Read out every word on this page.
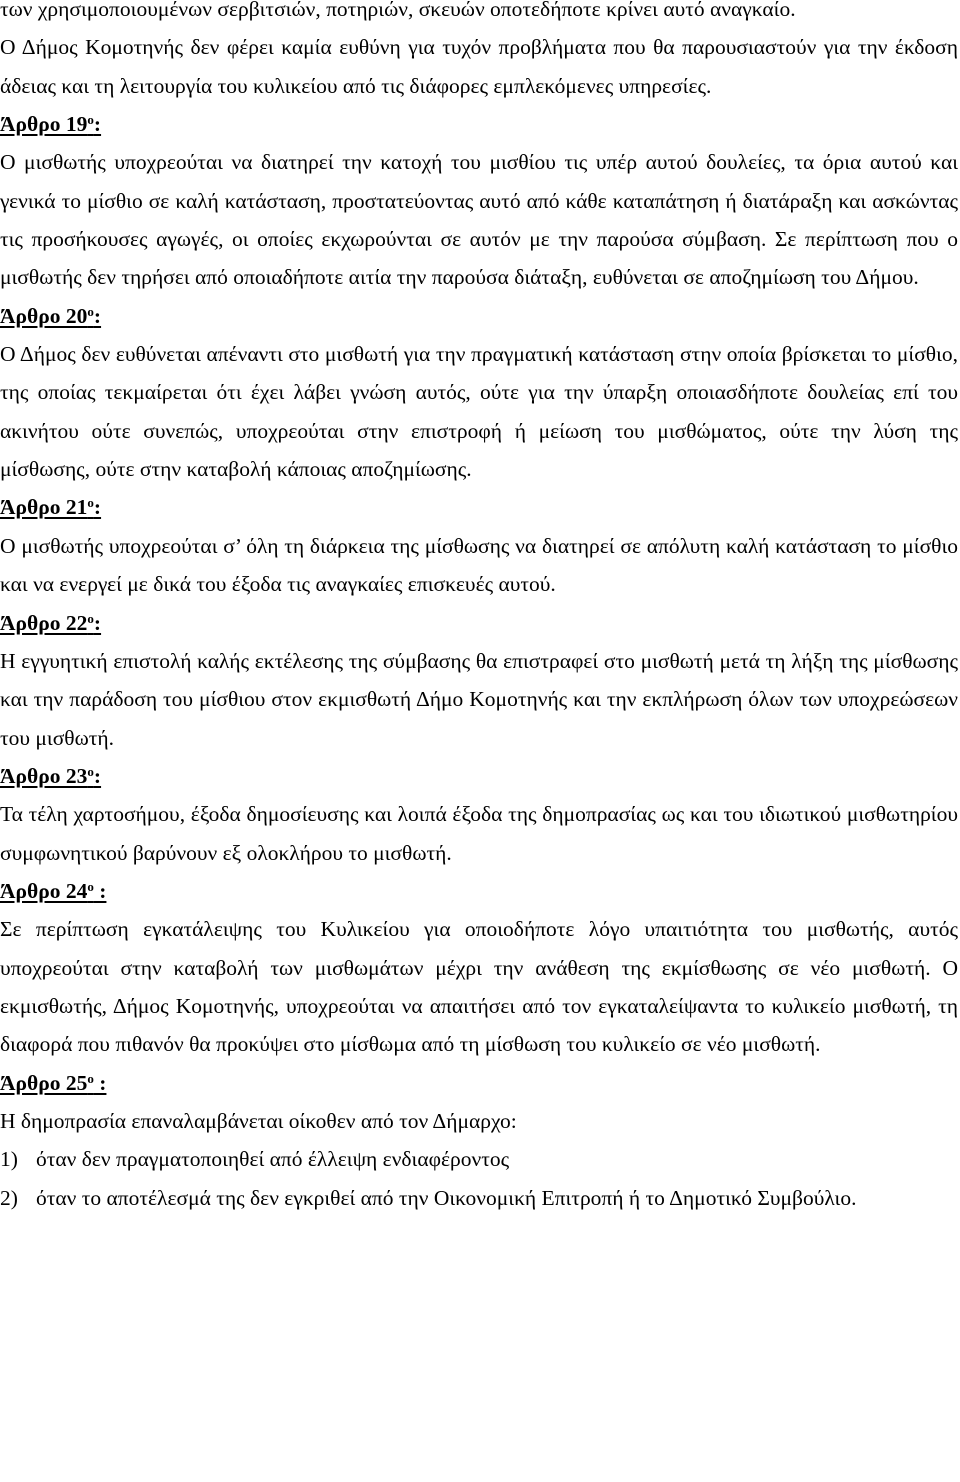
των χρησιμοποιουμένων σερβιτσιών, ποτηριών, σκευών οποτεδήποτε κρίνει αυτό αναγκαίο.

Ο Δήμος Κομοτηνής δεν φέρει καμία ευθύνη για τυχόν προβλήματα που θα παρουσιαστούν για την έκδοση άδειας και τη λειτουργία του κυλικείου από τις διάφορες εμπλεκόμενες υπηρεσίες.

Άρθρο $19^o$:

Ο μισθωτής υποχρεούται να διατηρεί την κατοχή του μισθίου τις υπέρ αυτού δουλείες, τα όρια αυτού και γενικά το μίσθιο σε καλή κατάσταση, προστατεύοντας αυτό από κάθε καταπάτηση ή διατάραξη και ασκώντας τις προσήκουσες αγωγές, οι οποίες εκχωρούνται σε αυτόν με την παρούσα σύμβαση. Σε περίπτωση που ο μισθωτής δεν τηρήσει από οποιαδήποτε αιτία την παρούσα διάταξη, ευθύνεται σε αποζημίωση του Δήμου.

Άρθρο $20^o$:

Ο Δήμος δεν ευθύνεται απέναντι στο μισθωτή για την πραγματική κατάσταση στην οποία βρίσκεται το μίσθιο, της οποίας τεκμαίρεται ότι έχει λάβει γνώση αυτός, ούτε για την ύπαρξη οποιασδήποτε δουλείας επί του ακινήτου ούτε συνεπώς, υποχρεούται στην επιστροφή ή μείωση του μισθώματος, ούτε την λύση της μίσθωσης, ούτε στην καταβολή κάποιας αποζημίωσης.

Άρθρο $21^o$:

Ο μισθωτής υποχρεούται σ’ όλη τη διάρκεια της μίσθωσης να διατηρεί σε απόλυτη καλή κατάσταση το μίσθιο και να ενεργεί με δικά του έξοδα τις αναγκαίες επισκευές αυτού.

Άρθρο $22^o$:

Η εγγυητική επιστολή καλής εκτέλεσης της σύμβασης θα επιστραφεί στο μισθωτή μετά τη λήξη της μίσθωσης και την παράδοση του μίσθιου στον εκμισθωτή Δήμο Κομοτηνής και την εκπλήρωση όλων των υποχρεώσεων του μισθωτή.

Άρθρο $23^o$:

Τα τέλη χαρτοσήμου, έξοδα δημοσίευσης και λοιπά έξοδα της δημοπρασίας ως και του ιδιωτικού μισθωτηρίου συμφωνητικού βαρύνουν εξ ολοκλήρου το μισθωτή.

Άρθρο $24^o$ :

Σε περίπτωση εγκατάλειψης του Κυλικείου για οποιοδήποτε λόγο υπαιτιότητα του μισθωτής, αυτός υποχρεούται στην καταβολή των μισθωμάτων μέχρι την ανάθεση της εκμίσθωσης σε νέο μισθωτή. Ο εκμισθωτής, Δήμος Κομοτηνής, υποχρεούται να απαιτήσει από τον εγκαταλείψαντα το κυλικείο μισθωτή, τη διαφορά που πιθανόν θα προκύψει στο μίσθωμα από τη μίσθωση του κυλικείο σε νέο μισθωτή.

Άρθρο $25^o$ :

Η δημοπρασία επαναλαμβάνεται οίκοθεν από τον Δήμαρχο:

1) όταν δεν πραγματοποιηθεί από έλλειψη ενδιαφέροντος
2) όταν το αποτέλεσμά της δεν εγκριθεί από την Οικονομική Επιτροπή ή το Δημοτικό Συμβούλιο.
